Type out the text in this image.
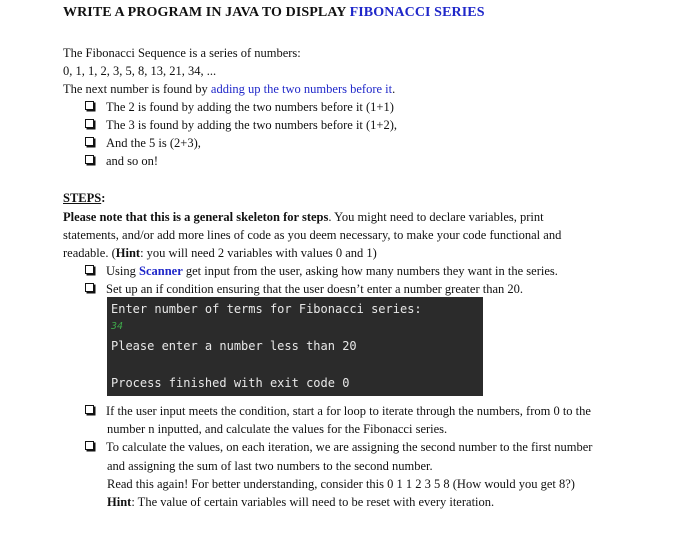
WRITE A PROGRAM IN JAVA TO DISPLAY FIBONACCI SERIES
The Fibonacci Sequence is a series of numbers:
0, 1, 1, 2, 3, 5, 8, 13, 21, 34, ...
The next number is found by adding up the two numbers before it.
The 2 is found by adding the two numbers before it (1+1)
The 3 is found by adding the two numbers before it (1+2),
And the 5 is (2+3),
and so on!
STEPS:
Please note that this is a general skeleton for steps. You might need to declare variables, print
statements, and/or add more lines of code as you deem necessary, to make your code functional and
readable. (Hint: you will need 2 variables with values 0 and 1)
Using Scanner get input from the user, asking how many numbers they want in the series.
Set up an if condition ensuring that the user doesn’t enter a number greater than 20.
Enter number of terms for Fibonacci series:
34
Please enter a number less than 20
Process finished with exit code 0
If the user input meets the condition, start a for loop to iterate through the numbers, from 0 to the
number n inputted, and calculate the values for the Fibonacci series.
To calculate the values, on each iteration, we are assigning the second number to the first number
and assigning the sum of last two numbers to the second number.
Read this again! For better understanding, consider this 0 1 1 2 3 5 8 (How would you get 8?)
Hint: The value of certain variables will need to be reset with every iteration.
